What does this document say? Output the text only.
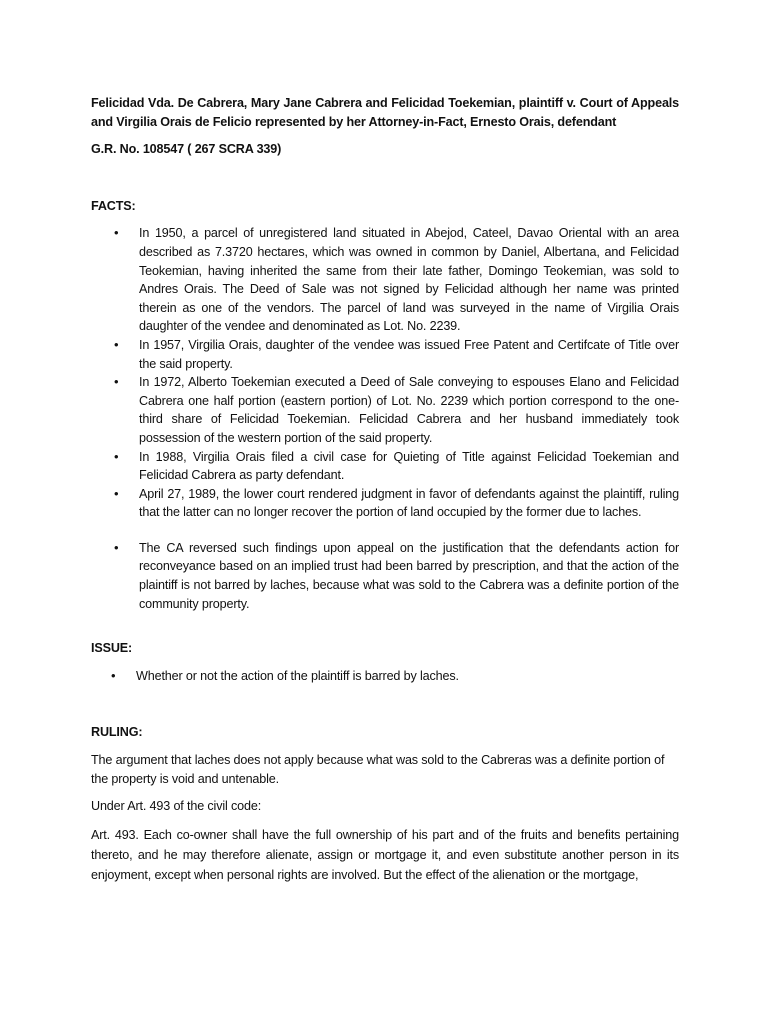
Felicidad Vda. De Cabrera, Mary Jane Cabrera and Felicidad Toekemian, plaintiff v. Court of Appeals and Virgilia Orais de Felicio represented by her Attorney-in-Fact, Ernesto Orais, defendant

G.R. No. 108547 ( 267 SCRA 339)

FACTS:

• In 1950, a parcel of unregistered land situated in Abejod, Cateel, Davao Oriental with an area described as 7.3720 hectares, which was owned in common by Daniel, Albertana, and Felicidad Teokemian, having inherited the same from their late father, Domingo Teokemian, was sold to Andres Orais. The Deed of Sale was not signed by Felicidad although her name was printed therein as one of the vendors. The parcel of land was surveyed in the name of Virgilia Orais daughter of the vendee and denominated as Lot. No. 2239.
• In 1957, Virgilia Orais, daughter of the vendee was issued Free Patent and Certifcate of Title over the said property.
• In 1972, Alberto Toekemian executed a Deed of Sale conveying to espouses Elano and Felicidad Cabrera one half portion (eastern portion) of Lot. No. 2239 which portion correspond to the one-third share of Felicidad Toekemian. Felicidad Cabrera and her husband immediately took possession of the western portion of the said property.
• In 1988, Virgilia Orais filed a civil case for Quieting of Title against Felicidad Toekemian and Felicidad Cabrera as party defendant.
• April 27, 1989, the lower court rendered judgment in favor of defendants against the plaintiff, ruling that the latter can no longer recover the portion of land occupied by the former due to laches.
• The CA reversed such findings upon appeal on the justification that the defendants action for reconveyance based on an implied trust had been barred by prescription, and that the action of the plaintiff is not barred by laches, because what was sold to the Cabrera was a definite portion of the community property.

ISSUE:

• Whether or not the action of the plaintiff is barred by laches.

RULING:

The argument that laches does not apply because what was sold to the Cabreras was a definite portion of the property is void and untenable.

Under Art. 493 of the civil code:

Art. 493. Each co-owner shall have the full ownership of his part and of the fruits and benefits pertaining thereto, and he may therefore alienate, assign or mortgage it, and even substitute another person in its enjoyment, except when personal rights are involved. But the effect of the alienation or the mortgage,
